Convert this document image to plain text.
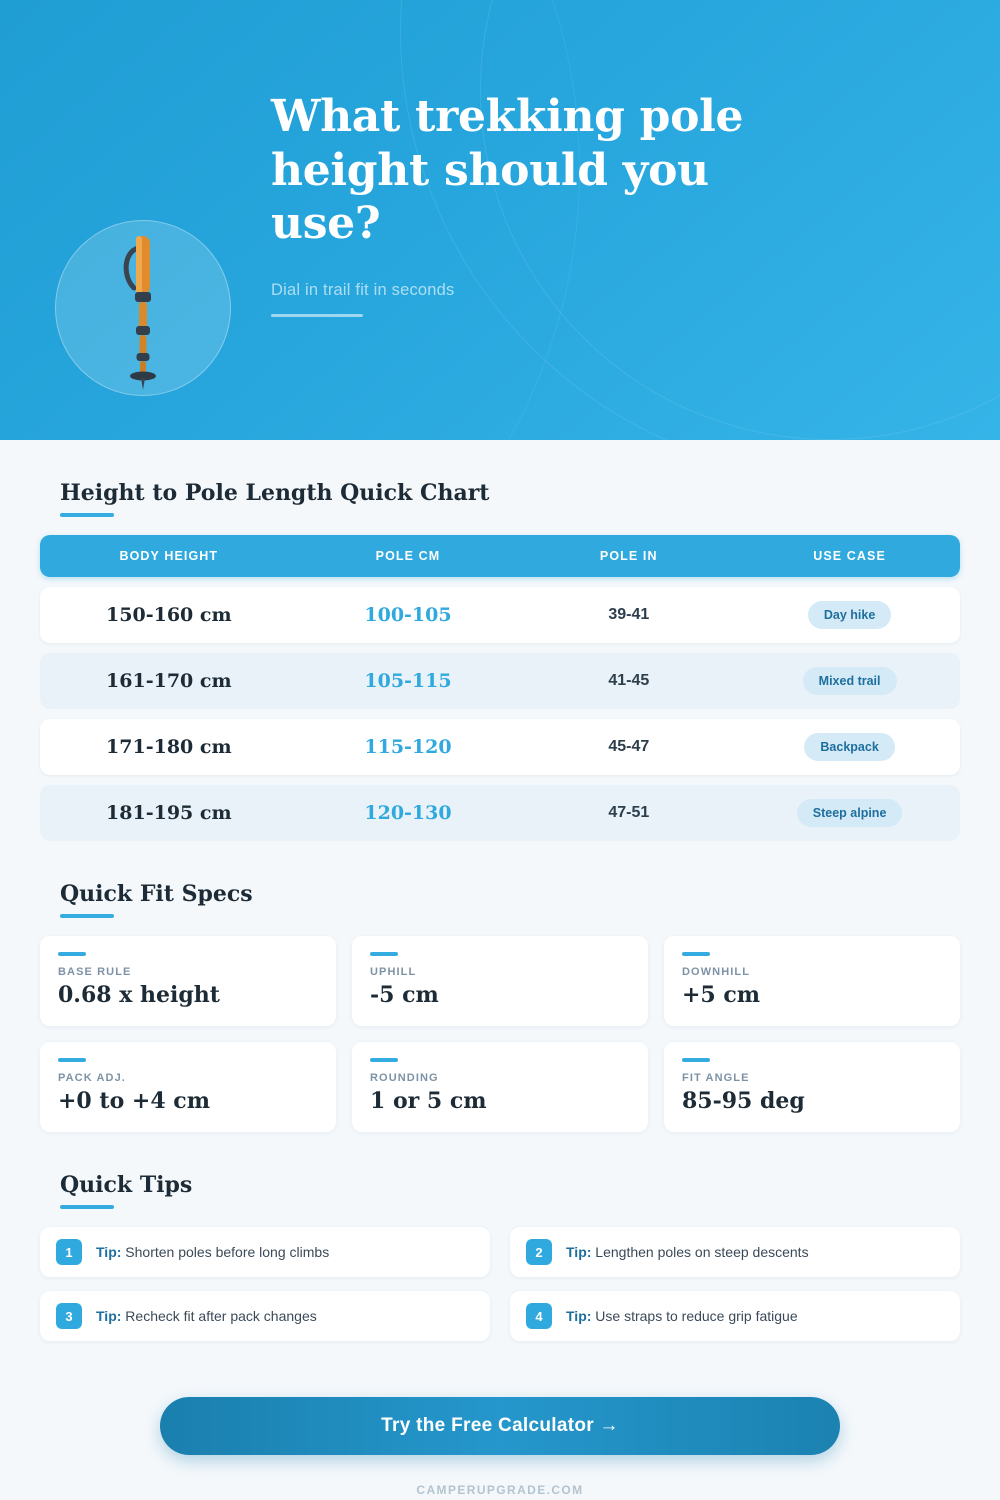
What trekking pole height should you use?
Dial in trail fit in seconds
Height to Pole Length Quick Chart
BODY HEIGHT	POLE CM	POLE IN	USE CASE
150-160 cm	100-105	39-41	Day hike
161-170 cm	105-115	41-45	Mixed trail
171-180 cm	115-120	45-47	Backpack
181-195 cm	120-130	47-51	Steep alpine
Quick Fit Specs
BASE RULE
0.68 x height
UPHILL
-5 cm
DOWNHILL
+5 cm
PACK ADJ.
+0 to +4 cm
ROUNDING
1 or 5 cm
FIT ANGLE
85-95 deg
Quick Tips
1	Tip: Shorten poles before long climbs	2	Tip: Lengthen poles on steep descents
3	Tip: Recheck fit after pack changes	4	Tip: Use straps to reduce grip fatigue
Try the Free Calculator →
CAMPERUPGRADE.COM
